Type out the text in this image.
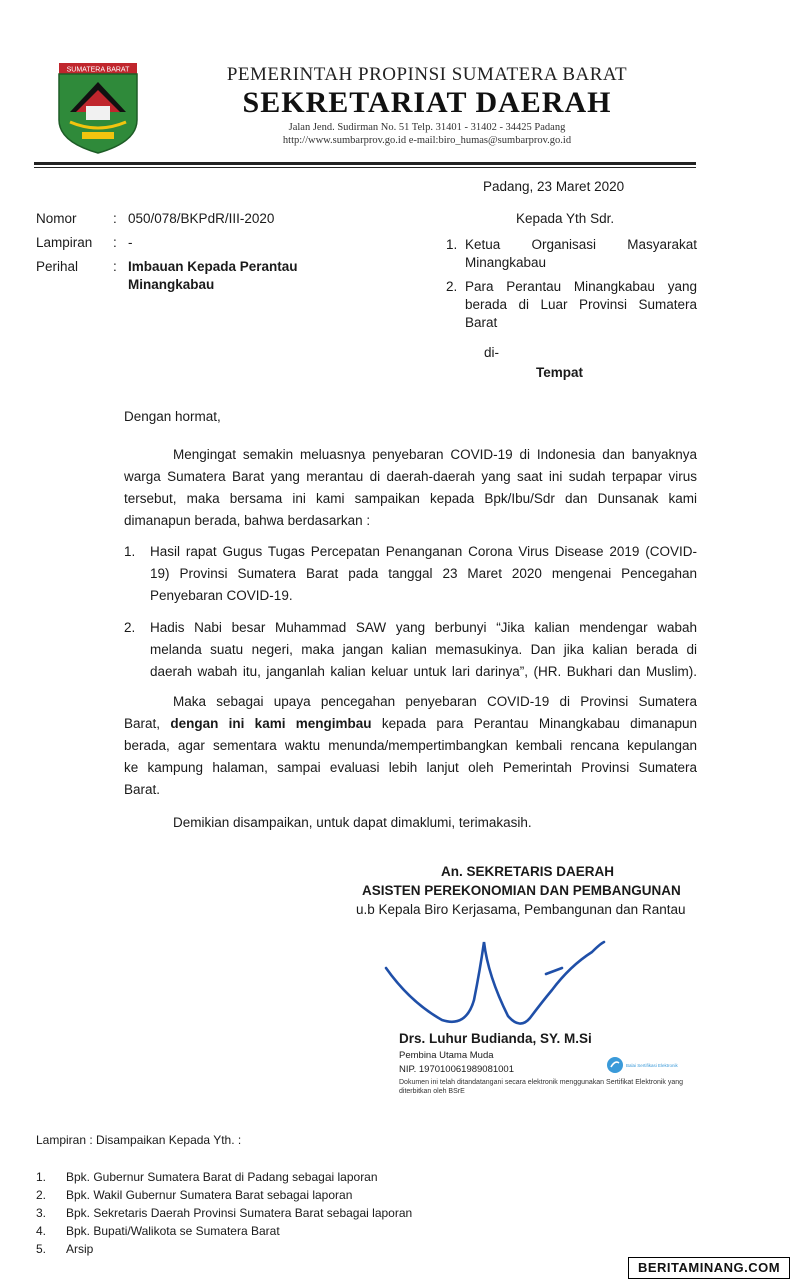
SUMATERA BARAT	PEMERINTAH PROPINSI SUMATERA BARAT
SEKRETARIAT DAERAH
Jalan Jend. Sudirman No. 51 Telp. 31401 - 31402 - 34425 Padang
http://www.sumbarprov.go.id e-mail:biro_humas@sumbarprov.go.id
Padang, 23 Maret 2020
Nomor	: 050/078/BKPdR/III-2020
Lampiran : -
Perihal	: Imbauan Kepada Perantau
Minangkabau
Kepada Yth Sdr.
1. Ketua Organisasi Masyarakat
Minangkabau
2. Para Perantau Minangkabau yang
berada di Luar Provinsi Sumatera
Barat
di-
Tempat
Dengan hormat,
Mengingat semakin meluasnya penyebaran COVID-19 di Indonesia dan banyaknya
warga Sumatera Barat yang merantau di daerah-daerah yang saat ini sudah terpapar virus
tersebut, maka bersama ini kami sampaikan kepada Bpk/Ibu/Sdr dan Dunsanak kami
dimanapun berada, bahwa berdasarkan :
1. Hasil rapat Gugus Tugas Percepatan Penanganan Corona Virus Disease 2019 (COVID-
19) Provinsi Sumatera Barat pada tanggal 23 Maret 2020 mengenai Pencegahan
Penyebaran COVID-19.
2. Hadis Nabi besar Muhammad SAW yang berbunyi “Jika kalian mendengar wabah
melanda suatu negeri, maka jangan kalian memasukinya. Dan jika kalian berada di
daerah wabah itu, janganlah kalian keluar untuk lari darinya”, (HR. Bukhari dan Muslim).
Maka sebagai upaya pencegahan penyebaran COVID-19 di Provinsi Sumatera
Barat, dengan ini kami mengimbau kepada para Perantau Minangkabau dimanapun
berada, agar sementara waktu menunda/mempertimbangkan kembali rencana kepulangan
ke kampung halaman, sampai evaluasi lebih lanjut oleh Pemerintah Provinsi Sumatera
Barat.
Demikian disampaikan, untuk dapat dimaklumi, terimakasih.
An. SEKRETARIS DAERAH
ASISTEN PEREKONOMIAN DAN PEMBANGUNAN
u.b Kepala Biro Kerjasama, Pembangunan dan Rantau
Drs. Luhur Budianda, SY. M.Si
Pembina Utama Muda
NIP. 197010061989081001	Balai Sertifikasi Elektronik
Dokumen ini telah ditandatangani secara elektronik menggunakan Sertifikat Elektronik yang
diterbitkan oleh BSrE
Lampiran : Disampaikan Kepada Yth. :
1. Bpk. Gubernur Sumatera Barat di Padang sebagai laporan
2. Bpk. Wakil Gubernur Sumatera Barat sebagai laporan
3. Bpk. Sekretaris Daerah Provinsi Sumatera Barat sebagai laporan
4. Bpk. Bupati/Walikota se Sumatera Barat
5. Arsip
BERITAMINANG.COM
